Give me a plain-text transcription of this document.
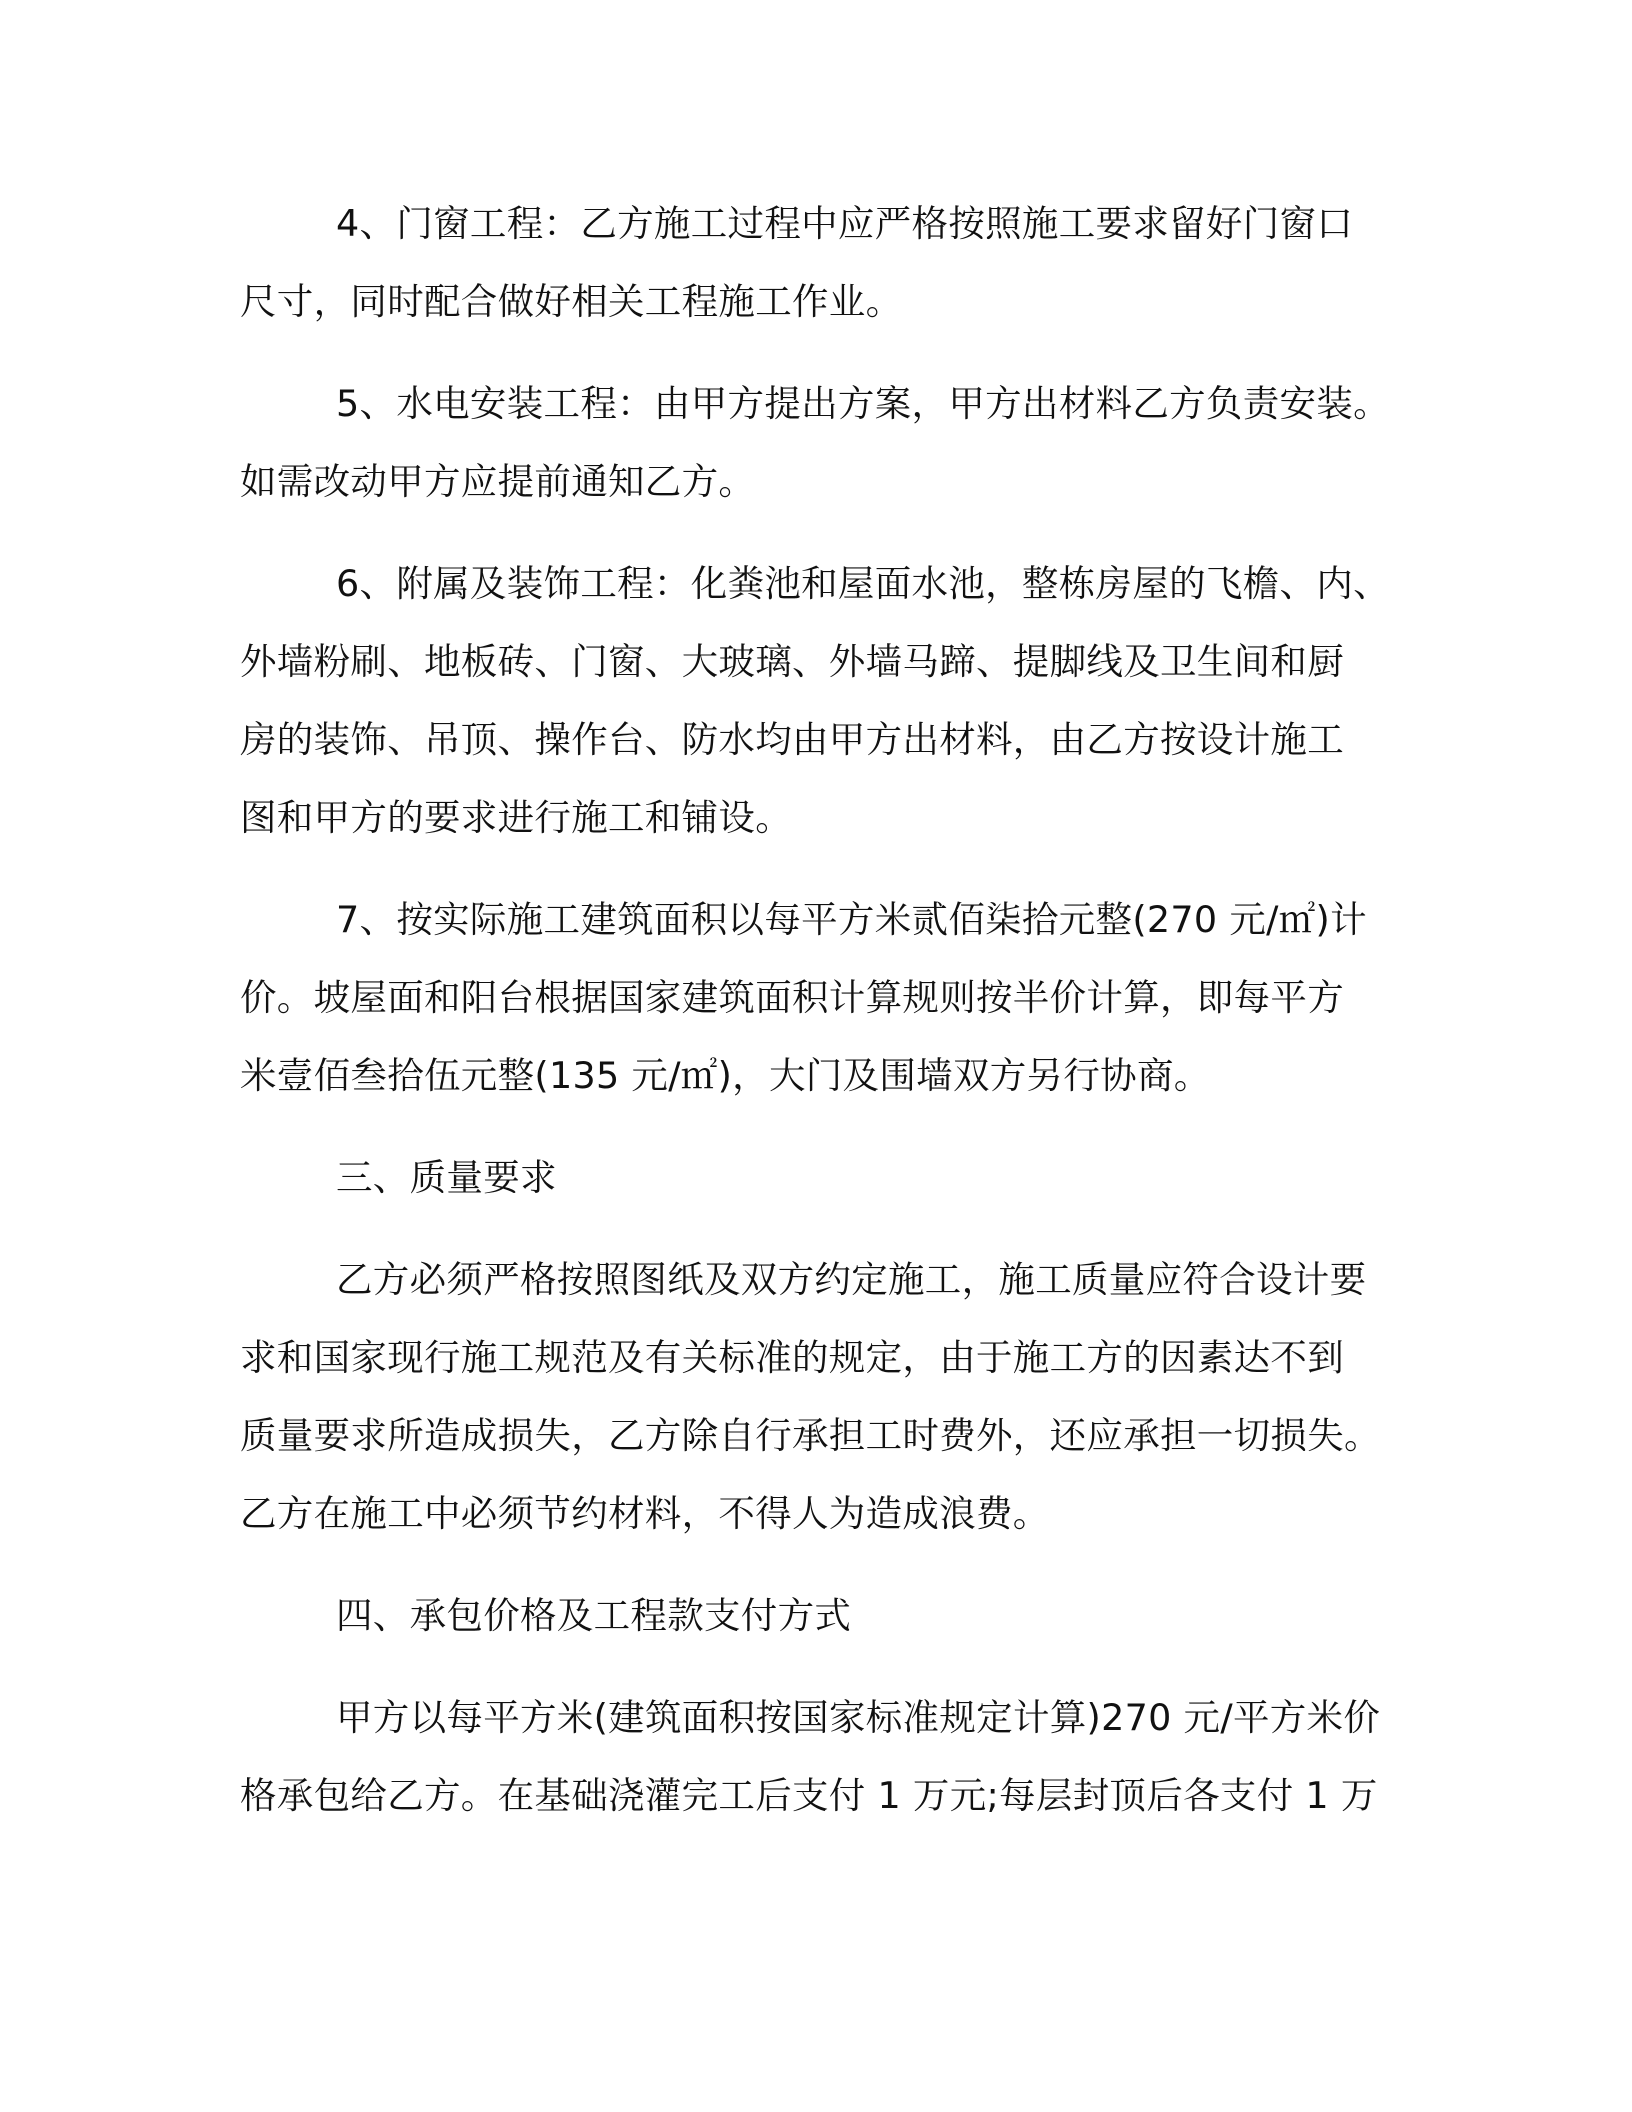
4、门窗工程：乙方施工过程中应严格按照施工要求留好门窗口
尺寸，同时配合做好相关工程施工作业。

5、水电安装工程：由甲方提出方案，甲方出材料乙方负责安装。
如需改动甲方应提前通知乙方。

6、附属及装饰工程：化粪池和屋面水池，整栋房屋的飞檐、内、
外墙粉刷、地板砖、门窗、大玻璃、外墙马蹄、提脚线及卫生间和厨
房的装饰、吊顶、操作台、防水均由甲方出材料，由乙方按设计施工
图和甲方的要求进行施工和铺设。

7、按实际施工建筑面积以每平方米贰佰柒拾元整(270 元/㎡)计
价。坡屋面和阳台根据国家建筑面积计算规则按半价计算，即每平方
米壹佰叁拾伍元整(135 元/㎡)，大门及围墙双方另行协商。

三、质量要求

乙方必须严格按照图纸及双方约定施工，施工质量应符合设计要
求和国家现行施工规范及有关标准的规定，由于施工方的因素达不到
质量要求所造成损失，乙方除自行承担工时费外，还应承担一切损失。
乙方在施工中必须节约材料，不得人为造成浪费。

四、承包价格及工程款支付方式

甲方以每平方米(建筑面积按国家标准规定计算)270 元/平方米价
格承包给乙方。在基础浇灌完工后支付 1 万元;每层封顶后各支付 1 万
